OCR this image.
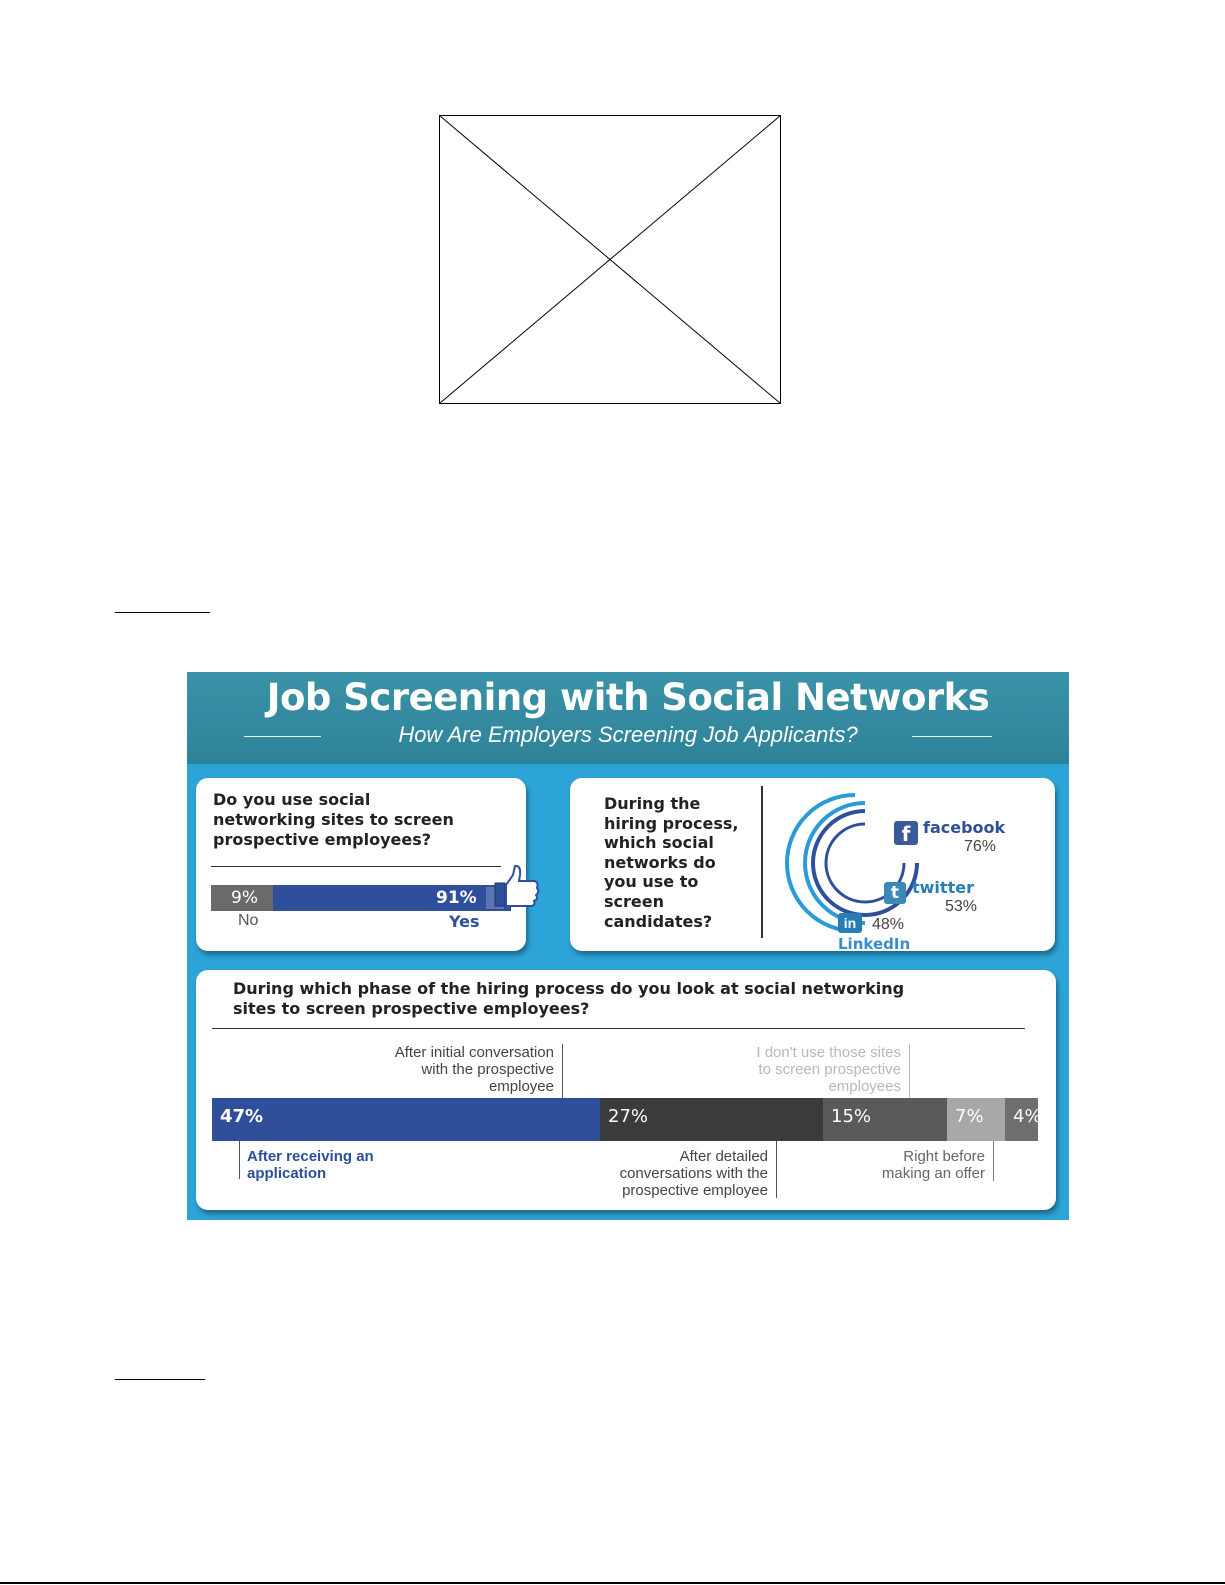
Job Screening with Social Networks
How Are Employers Screening Job Applicants?
Do you use social
networking sites to screen
prospective employees?
9%	91%
No	Yes
During the
hiring process,
which social
networks do
you use to
screen
candidates?
f facebook
76%
t twitter
53%
in 48%
LinkedIn
During which phase of the hiring process do you look at social networking
sites to screen prospective employees?
After initial conversation
with the prospective
employee
I don't use those sites
to screen prospective
employees
47%	27%	15%	7% 4%
After receiving an
application
After detailed
conversations with the
prospective employee
Right before
making an offer
